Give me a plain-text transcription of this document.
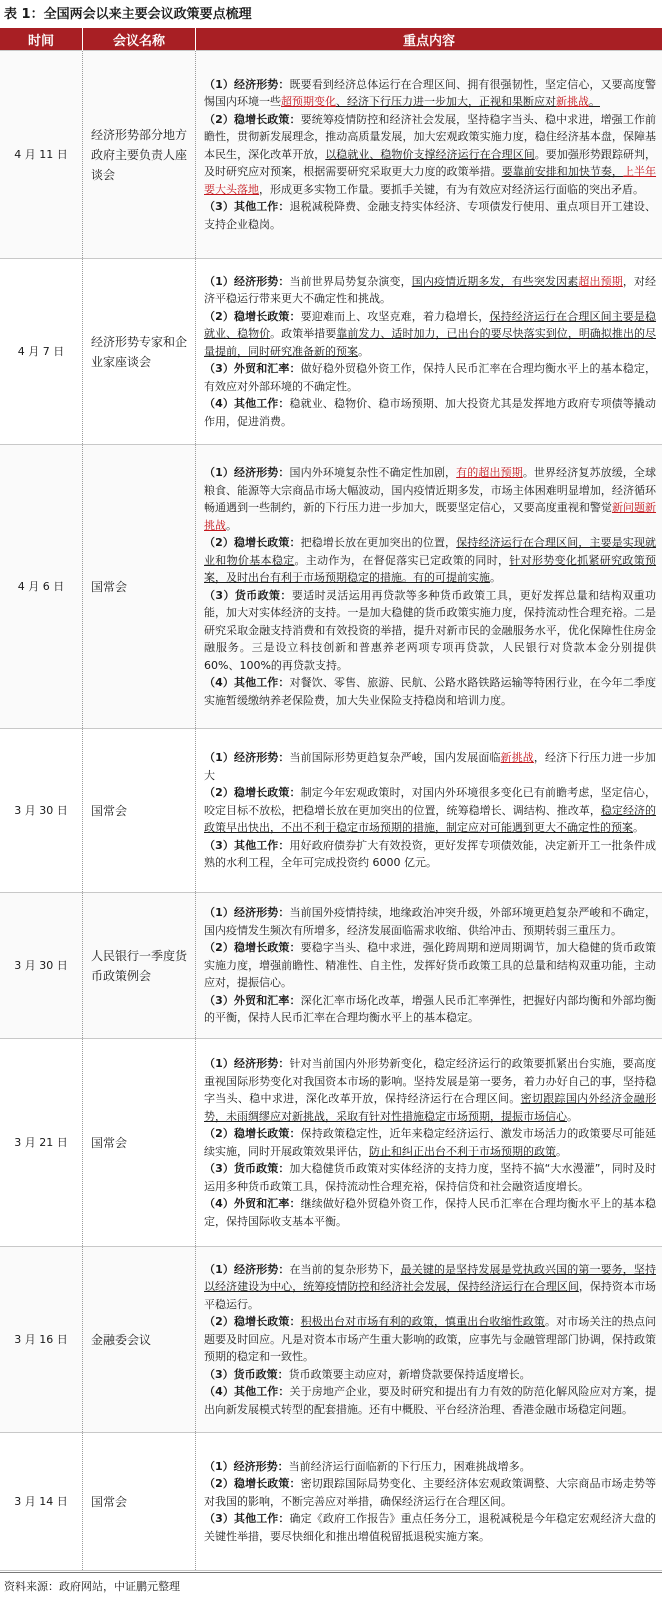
表 1：全国两会以来主要会议政策要点梳理
时间	会议名称	重点内容
4 月 11 日	经济形势部分地方政府主要负责人座谈会	（1）经济形势：既要看到经济总体运行在合理区间、拥有很强韧性，坚定信心，又要高度警惕国内环境一些超预期变化、经济下行压力进一步加大，正视和果断应对新挑战。

（2）稳增长政策：要统筹疫情防控和经济社会发展，坚持稳字当头、稳中求进，增强工作前瞻性，贯彻新发展理念，推动高质量发展，加大宏观政策实施力度，稳住经济基本盘，保障基本民生，深化改革开放，以稳就业、稳物价支撑经济运行在合理区间。要加强形势跟踪研判，及时研究应对预案，根据需要研究采取更大力度的政策举措。要靠前安排和加快节奏，上半年要大头落地，形成更多实物工作量。要抓手关键，有为有效应对经济运行面临的突出矛盾。

（3）其他工作：退税减税降费、金融支持实体经济、专项债发行使用、重点项目开工建设、支持企业稳岗。

4 月 7 日	经济形势专家和企业家座谈会	（1）经济形势：当前世界局势复杂演变，国内疫情近期多发，有些突发因素超出预期，对经济平稳运行带来更大不确定性和挑战。

（2）稳增长政策：要迎难而上、攻坚克难，着力稳增长，保持经济运行在合理区间主要是稳就业、稳物价。政策举措要靠前发力、适时加力，已出台的要尽快落实到位，明确拟推出的尽量提前，同时研究准备新的预案。

（3）外贸和汇率：做好稳外贸稳外资工作，保持人民币汇率在合理均衡水平上的基本稳定，有效应对外部环境的不确定性。

（4）其他工作：稳就业、稳物价、稳市场预期、加大投资尤其是发挥地方政府专项债等撬动作用，促进消费。

4 月 6 日	国常会	（1）经济形势：国内外环境复杂性不确定性加剧，有的超出预期。世界经济复苏放缓，全球粮食、能源等大宗商品市场大幅波动，国内疫情近期多发，市场主体困难明显增加，经济循环畅通遇到一些制约，新的下行压力进一步加大，既要坚定信心，又要高度重视和警觉新问题新挑战。

（2）稳增长政策：把稳增长放在更加突出的位置，保持经济运行在合理区间，主要是实现就业和物价基本稳定。主动作为，在督促落实已定政策的同时，针对形势变化抓紧研究政策预案，及时出台有利于市场预期稳定的措施。有的可提前实施。

（3）货币政策：要适时灵活运用再贷款等多种货币政策工具，更好发挥总量和结构双重功能，加大对实体经济的支持。一是加大稳健的货币政策实施力度，保持流动性合理充裕。二是研究采取金融支持消费和有效投资的举措，提升对新市民的金融服务水平，优化保障性住房金融服务。三是设立科技创新和普惠养老两项专项再贷款，人民银行对贷款本金分别提供 60%、100%的再贷款支持。

（4）其他工作：对餐饮、零售、旅游、民航、公路水路铁路运输等特困行业，在今年二季度实施暂缓缴纳养老保险费，加大失业保险支持稳岗和培训力度。

3 月 30 日	国常会	（1）经济形势：当前国际形势更趋复杂严峻，国内发展面临新挑战，经济下行压力进一步加大

（2）稳增长政策：制定今年宏观政策时，对国内外环境很多变化已有前瞻考虑，坚定信心，咬定目标不放松，把稳增长放在更加突出的位置，统筹稳增长、调结构、推改革，稳定经济的政策早出快出，不出不利于稳定市场预期的措施，制定应对可能遇到更大不确定性的预案。

（3）其他工作：用好政府债券扩大有效投资，更好发挥专项债效能，决定新开工一批条件成熟的水利工程，全年可完成投资约 6000 亿元。

3 月 30 日	人民银行一季度货币政策例会	（1）经济形势：当前国外疫情持续，地缘政治冲突升级，外部环境更趋复杂严峻和不确定，国内疫情发生频次有所增多，经济发展面临需求收缩、供给冲击、预期转弱三重压力。

（2）稳增长政策：要稳字当头、稳中求进，强化跨周期和逆周期调节，加大稳健的货币政策实施力度，增强前瞻性、精准性、自主性，发挥好货币政策工具的总量和结构双重功能，主动应对，提振信心。

（3）外贸和汇率：深化汇率市场化改革，增强人民币汇率弹性，把握好内部均衡和外部均衡的平衡，保持人民币汇率在合理均衡水平上的基本稳定。

3 月 21 日	国常会	（1）经济形势：针对当前国内外形势新变化，稳定经济运行的政策要抓紧出台实施，要高度重视国际形势变化对我国资本市场的影响。坚持发展是第一要务，着力办好自己的事，坚持稳字当头、稳中求进，深化改革开放，保持经济运行在合理区间。密切跟踪国内外经济金融形势，未雨绸缪应对新挑战，采取有针对性措施稳定市场预期，提振市场信心。

（2）稳增长政策：保持政策稳定性，近年来稳定经济运行、激发市场活力的政策要尽可能延续实施，同时开展政策效果评估，防止和纠正出台不利于市场预期的政策。

（3）货币政策：加大稳健货币政策对实体经济的支持力度，坚持不搞“大水漫灌”，同时及时运用多种货币政策工具，保持流动性合理充裕，保持信贷和社会融资适度增长。

（4）外贸和汇率：继续做好稳外贸稳外资工作，保持人民币汇率在合理均衡水平上的基本稳定，保持国际收支基本平衡。

3 月 16 日	金融委会议	（1）经济形势：在当前的复杂形势下，最关键的是坚持发展是党执政兴国的第一要务，坚持以经济建设为中心，统筹疫情防控和经济社会发展，保持经济运行在合理区间，保持资本市场平稳运行。

（2）稳增长政策：积极出台对市场有利的政策，慎重出台收缩性政策。对市场关注的热点问题要及时回应。凡是对资本市场产生重大影响的政策，应事先与金融管理部门协调，保持政策预期的稳定和一致性。

（3）货币政策：货币政策要主动应对，新增贷款要保持适度增长。

（4）其他工作：关于房地产企业，要及时研究和提出有力有效的防范化解风险应对方案，提出向新发展模式转型的配套措施。还有中概股、平台经济治理、香港金融市场稳定问题。

3 月 14 日	国常会	（1）经济形势：当前经济运行面临新的下行压力，困难挑战增多。

（2）稳增长政策：密切跟踪国际局势变化、主要经济体宏观政策调整、大宗商品市场走势等对我国的影响，不断完善应对举措，确保经济运行在合理区间。

（3）其他工作：确定《政府工作报告》重点任务分工，退税减税是今年稳定宏观经济大盘的关键性举措，要尽快细化和推出增值税留抵退税实施方案。

资料来源：政府网站，中证鹏元整理
